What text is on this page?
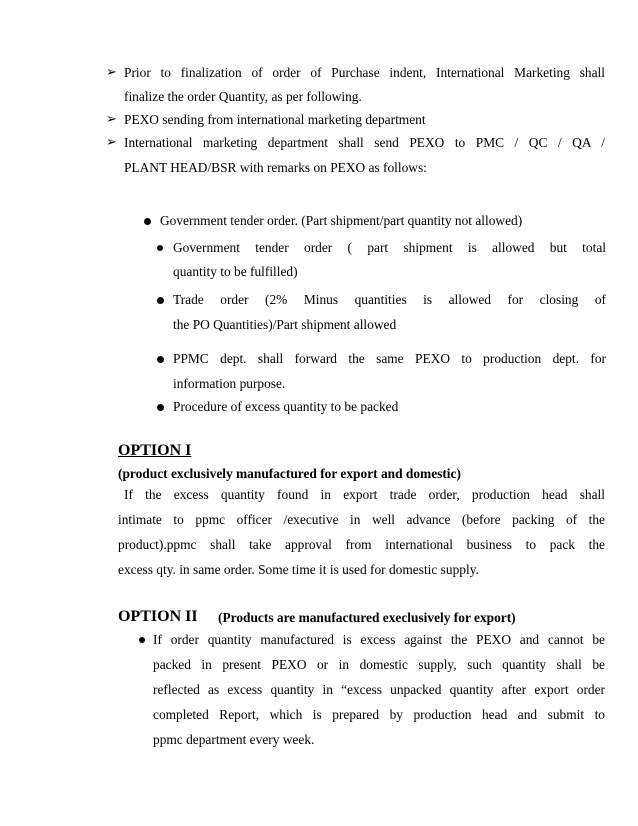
➢ Prior to finalization of order of Purchase indent, International Marketing shall
finalize the order Quantity, as per following.
➢ PEXO sending from international marketing department
➢ International marketing department shall send PEXO to PMC / QC / QA /
PLANT HEAD/BSR with remarks on PEXO as follows:
Government tender order. (Part shipment/part quantity not allowed)
Government tender order ( part shipment is allowed but total
quantity to be fulfilled)
Trade order (2% Minus quantities is allowed for closing of
the PO Quantities)/Part shipment allowed
PPMC dept. shall forward the same PEXO to production dept. for
information purpose.
Procedure of excess quantity to be packed
OPTION I
(product exclusively manufactured for export and domestic)
If the excess quantity found in export trade order, production head shall
intimate to ppmc officer /executive in well advance (before packing of the
product).ppmc shall take approval from international business to pack the
excess qty. in same order. Some time it is used for domestic supply.
OPTION II (Products are manufactured execlusively for export)
If order quantity manufactured is excess against the PEXO and cannot be
packed in present PEXO or in domestic supply, such quantity shall be
reflected as excess quantity in “excess unpacked quantity after export order
completed Report, which is prepared by production head and submit to
ppmc department every week.
